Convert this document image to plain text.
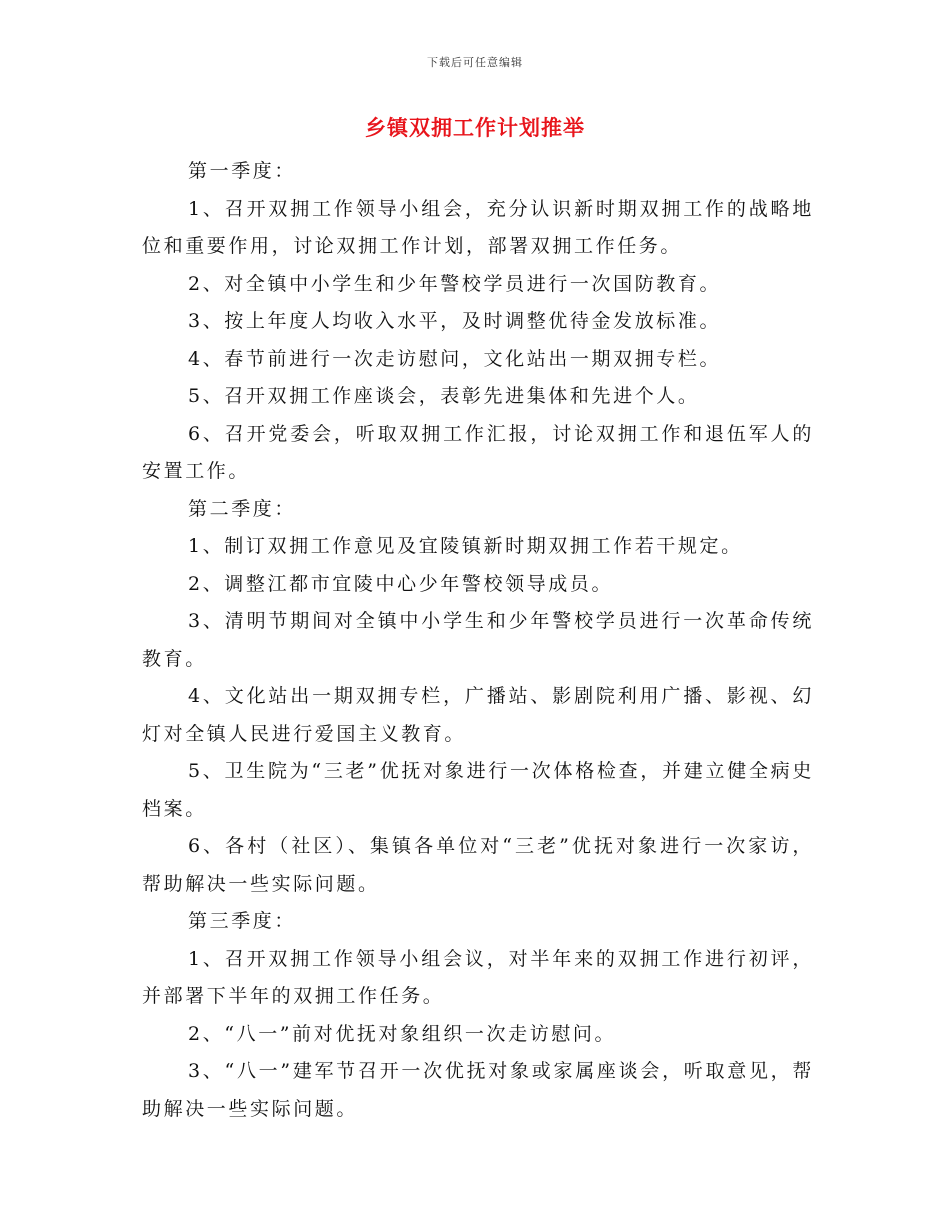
下载后可任意编辑
乡镇双拥工作计划推举

第一季度：

1、召开双拥工作领导小组会，充分认识新时期双拥工作的战略地位和重要作用，讨论双拥工作计划，部署双拥工作任务。

2、对全镇中小学生和少年警校学员进行一次国防教育。

3、按上年度人均收入水平，及时调整优待金发放标准。

4、春节前进行一次走访慰问，文化站出一期双拥专栏。

5、召开双拥工作座谈会，表彰先进集体和先进个人。

6、召开党委会，听取双拥工作汇报，讨论双拥工作和退伍军人的安置工作。

第二季度：

1、制订双拥工作意见及宜陵镇新时期双拥工作若干规定。

2、调整江都市宜陵中心少年警校领导成员。

3、清明节期间对全镇中小学生和少年警校学员进行一次革命传统教育。

4、文化站出一期双拥专栏，广播站、影剧院利用广播、影视、幻灯对全镇人民进行爱国主义教育。

5、卫生院为“三老”优抚对象进行一次体格检查，并建立健全病史档案。

6、各村（社区）、集镇各单位对“三老”优抚对象进行一次家访，帮助解决一些实际问题。

第三季度：

1、召开双拥工作领导小组会议，对半年来的双拥工作进行初评，并部署下半年的双拥工作任务。

2、“八一”前对优抚对象组织一次走访慰问。

3、“八一”建军节召开一次优抚对象或家属座谈会，听取意见，帮助解决一些实际问题。
